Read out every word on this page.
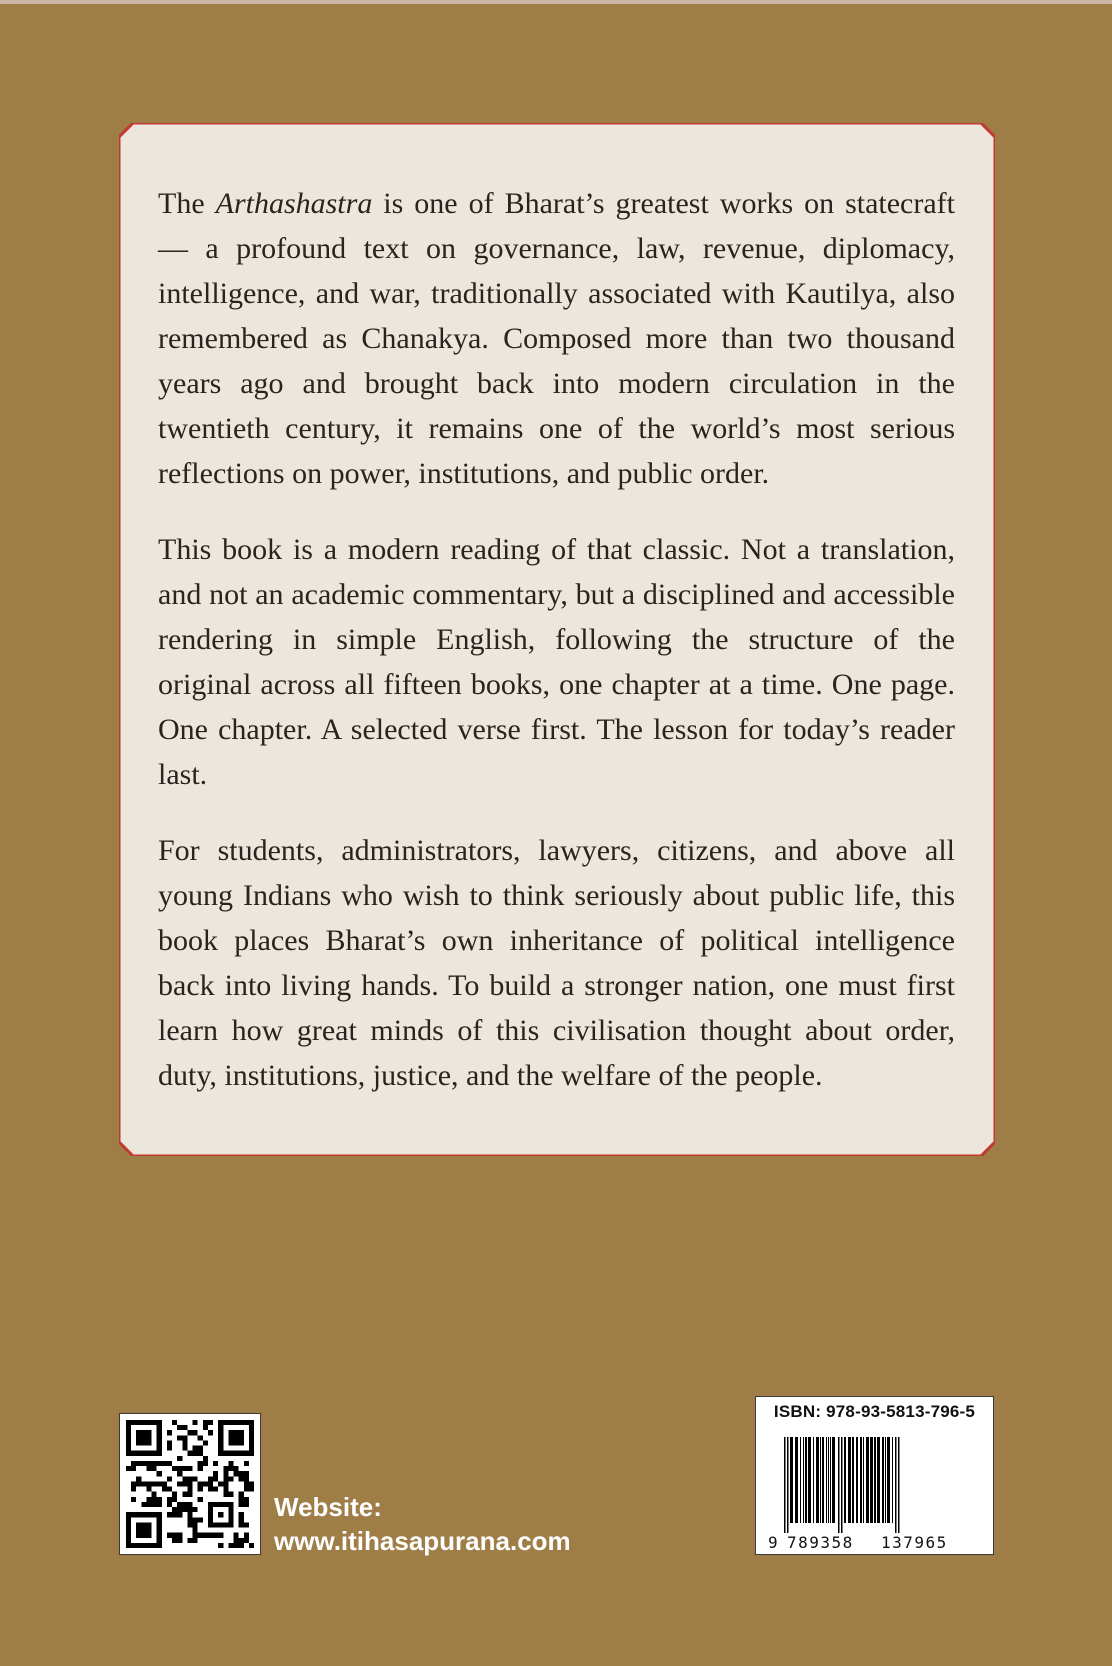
The Arthashastra is one of Bharat’s greatest works on statecraft — a profound text on governance, law, revenue, diplomacy, intelligence, and war, traditionally associated with Kautilya, also remembered as Chanakya. Composed more than two thousand years ago and brought back into modern circulation in the twentieth century, it remains one of the world’s most serious reflections on power, institutions, and public order.

This book is a modern reading of that classic. Not a translation, and not an academic commentary, but a disciplined and accessible rendering in simple English, following the structure of the original across all fifteen books, one chapter at a time. One page. One chapter. A selected verse first. The lesson for today’s reader last.

For students, administrators, lawyers, citizens, and above all young Indians who wish to think seriously about public life, this book places Bharat’s own inheritance of political intelligence back into living hands. To build a stronger nation, one must first learn how great minds of this civilisation thought about order, duty, institutions, justice, and the welfare of the people.

Website:
www.itihasapurana.com
ISBN: 978-93-5813-796-5
9 789358 137965
